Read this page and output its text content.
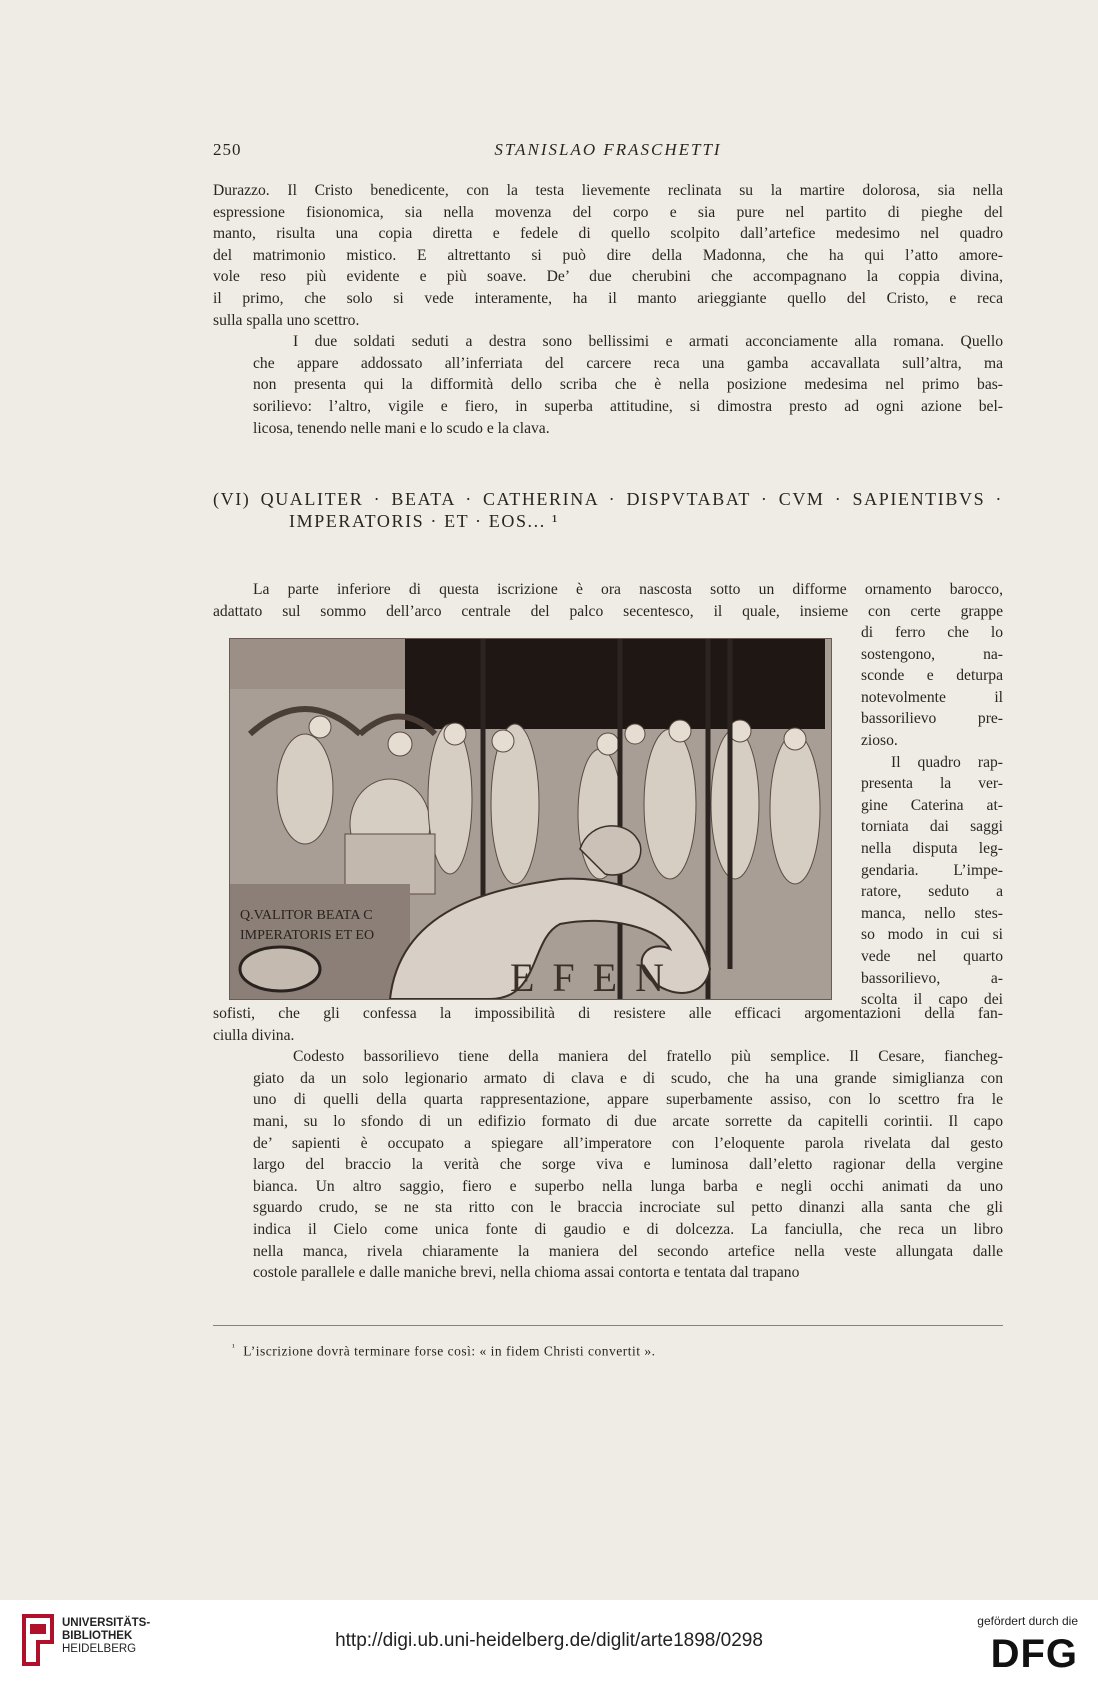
250	STANISLAO FRASCHETTI

Durazzo. Il Cristo benedicente, con la testa lievemente reclinata su la martire dolorosa, sia nella
espressione fisionomica, sia nella movenza del corpo e sia pure nel partito di pieghe del
manto, risulta una copia diretta e fedele di quello scolpito dall’artefice medesimo nel quadro
del matrimonio mistico. E altrettanto si può dire della Madonna, che ha qui l’atto amore-
vole reso più evidente e più soave. De’ due cherubini che accompagnano la coppia divina,
il primo, che solo si vede interamente, ha il manto arieggiante quello del Cristo, e reca
sulla spalla uno scettro.

I due soldati seduti a destra sono bellissimi e armati acconciamente alla romana. Quello
che appare addossato all’inferriata del carcere reca una gamba accavallata sull’altra, ma
non presenta qui la difformità dello scriba che è nella posizione medesima nel primo bas-
sorilievo: l’altro, vigile e fiero, in superba attitudine, si dimostra presto ad ogni azione bel-
licosa, tenendo nelle mani e lo scudo e la clava.

(VI) QUALITER · BEATA · CATHERINA · DISPVTABAT · CVM · SAPIENTIBVS ·
IMPERATORIS · ET · EOS... ¹
La parte inferiore di questa iscrizione è ora nascosta sotto un difforme ornamento barocco,
adattato sul sommo dell’arco centrale del palco secentesco, il quale, insieme con certe grappe
di ferro che lo
sostengono, na-
sconde e deturpa
notevolmente il
bassorilievo pre-
zioso.
Il quadro rap-
presenta la ver-
gine Caterina at-
torniata dai saggi
nella disputa leg-
gendaria. L’impe-
ratore, seduto a
manca, nello stes-
so modo in cui si
vede nel quarto
bassorilievo, a-
scolta il capo dei
Q.VALITOR BEATA C
IMPERATORIS ET EO
EFEN

sofisti, che gli confessa la impossibilità di resistere alle efficaci argomentazioni della fan-
ciulla divina.

Codesto bassorilievo tiene della maniera del fratello più semplice. Il Cesare, fiancheg-
giato da un solo legionario armato di clava e di scudo, che ha una grande simiglianza con
uno di quelli della quarta rappresentazione, appare superbamente assiso, con lo scettro fra le
mani, su lo sfondo di un edifizio formato di due arcate sorrette da capitelli corintii. Il capo
de’ sapienti è occupato a spiegare all’imperatore con l’eloquente parola rivelata dal gesto
largo del braccio la verità che sorge viva e luminosa dall’eletto ragionar della vergine
bianca. Un altro saggio, fiero e superbo nella lunga barba e negli occhi animati da uno
sguardo crudo, se ne sta ritto con le braccia incrociate sul petto dinanzi alla santa che gli
indica il Cielo come unica fonte di gaudio e di dolcezza. La fanciulla, che reca un libro
nella manca, rivela chiaramente la maniera del secondo artefice nella veste allungata dalle
costole parallele e dalle maniche brevi, nella chioma assai contorta e tentata dal trapano

$^{^1}$ L’iscrizione dovrà terminare forse così: « in fidem Christi convertit ».
UNIVERSITÄTS-
BIBLIOTHEK
HEIDELBERG	http://digi.ub.uni-heidelberg.de/diglit/arte1898/0298
gefördert durch die
DFG
